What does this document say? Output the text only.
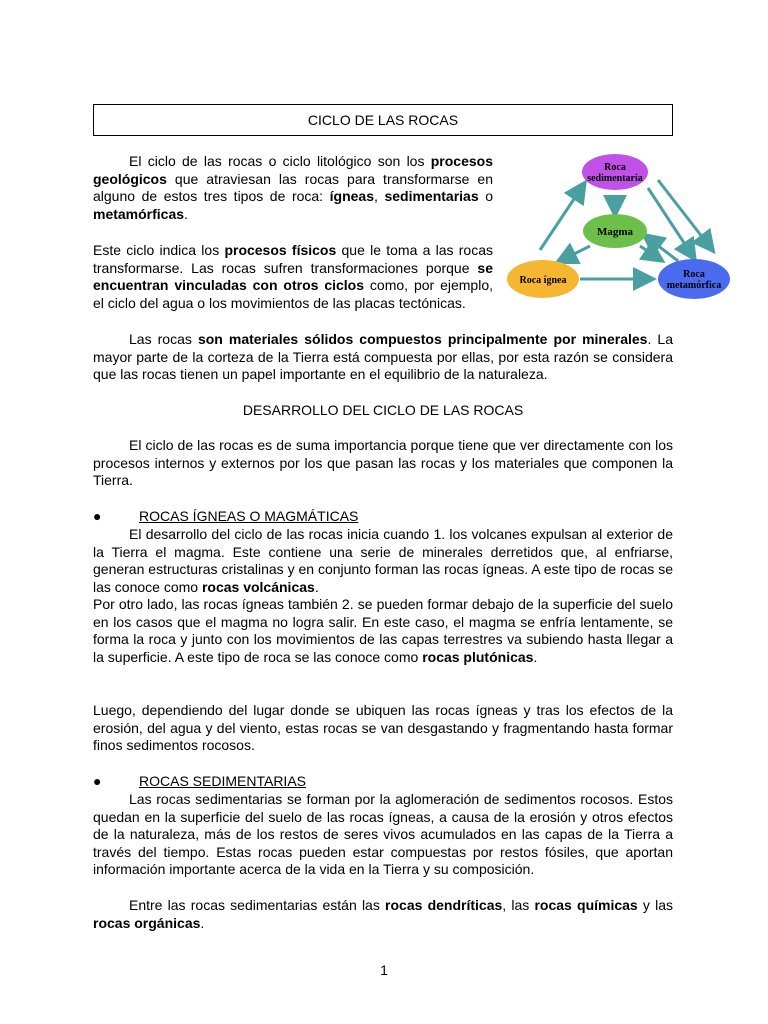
CICLO DE LAS ROCAS

El ciclo de las rocas o ciclo litológico son los procesos geológicos que atraviesan las rocas para transformarse en alguno de estos tres tipos de roca: ígneas, sedimentarias o metamórficas.

Este ciclo indica los procesos físicos que le toma a las rocas transformarse. Las rocas sufren transformaciones porque se encuentran vinculadas con otros ciclos como, por ejemplo, el ciclo del agua o los movimientos de las placas tectónicas.

Roca
sedimentaria
Magma
Roca ígnea
Roca
metamórfica

Las rocas son materiales sólidos compuestos principalmente por minerales. La mayor parte de la corteza de la Tierra está compuesta por ellas, por esta razón se considera que las rocas tienen un papel importante en el equilibrio de la naturaleza.

DESARROLLO DEL CICLO DE LAS ROCAS

El ciclo de las rocas es de suma importancia porque tiene que ver directamente con los procesos internos y externos por los que pasan las rocas y los materiales que componen la Tierra.

●	ROCAS ÍGNEAS O MAGMÁTICAS

El desarrollo del ciclo de las rocas inicia cuando 1. los volcanes expulsan al exterior de la Tierra el magma. Este contiene una serie de minerales derretidos que, al enfriarse, generan estructuras cristalinas y en conjunto forman las rocas ígneas. A este tipo de rocas se las conoce como rocas volcánicas.

Por otro lado, las rocas ígneas también 2. se pueden formar debajo de la superficie del suelo en los casos que el magma no logra salir. En este caso, el magma se enfría lentamente, se forma la roca y junto con los movimientos de las capas terrestres va subiendo hasta llegar a la superficie. A este tipo de roca se las conoce como rocas plutónicas.

Luego, dependiendo del lugar donde se ubiquen las rocas ígneas y tras los efectos de la erosión, del agua y del viento, estas rocas se van desgastando y fragmentando hasta formar finos sedimentos rocosos.

●	ROCAS SEDIMENTARIAS

Las rocas sedimentarias se forman por la aglomeración de sedimentos rocosos. Estos quedan en la superficie del suelo de las rocas ígneas, a causa de la erosión y otros efectos de la naturaleza, más de los restos de seres vivos acumulados en las capas de la Tierra a través del tiempo. Estas rocas pueden estar compuestas por restos fósiles, que aportan información importante acerca de la vida en la Tierra y su composición.

Entre las rocas sedimentarias están las rocas dendríticas, las rocas químicas y las rocas orgánicas.

1
